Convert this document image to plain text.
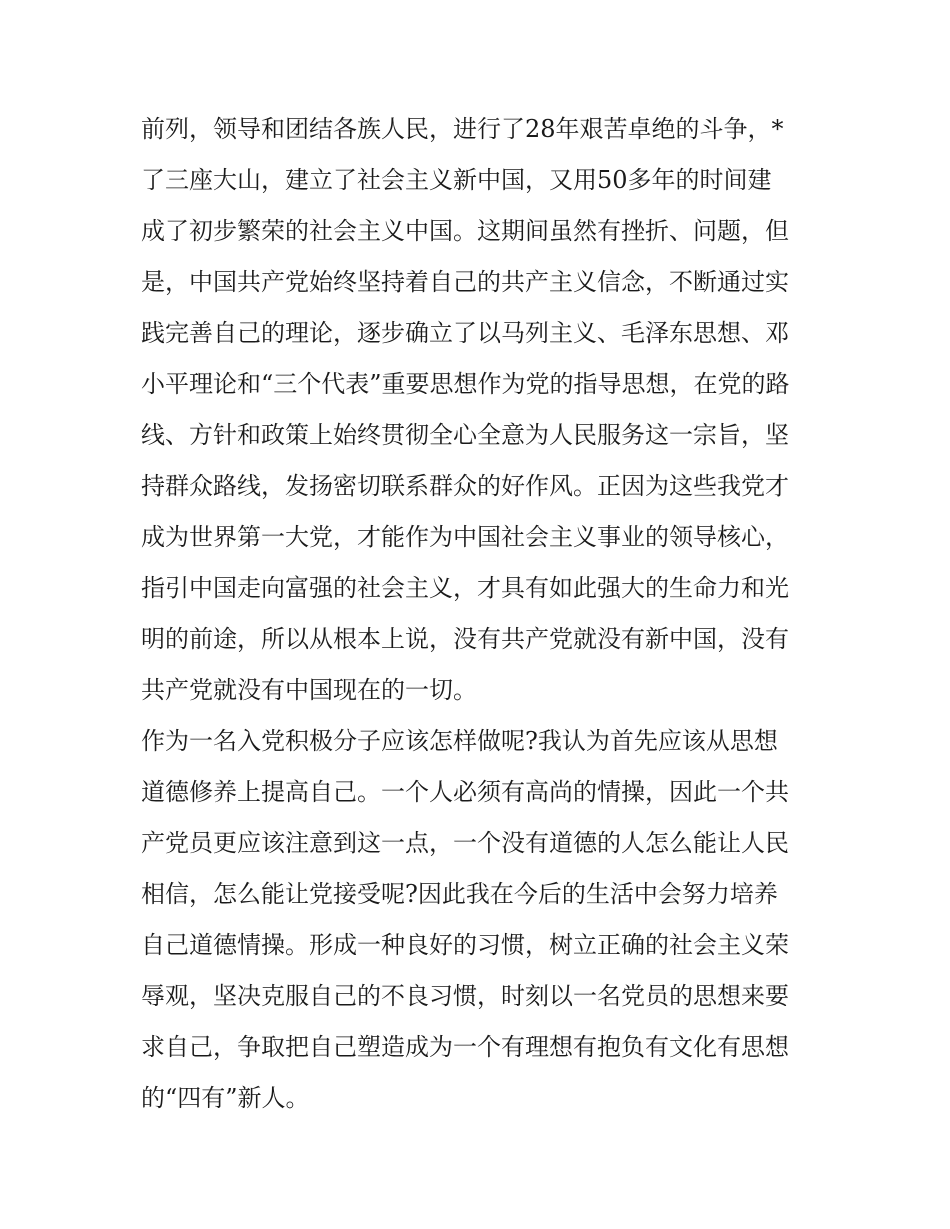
前列，领导和团结各族人民，进行了28年艰苦卓绝的斗争，*
了三座大山，建立了社会主义新中国，又用50多年的时间建
成了初步繁荣的社会主义中国。这期间虽然有挫折、问题，但
是，中国共产党始终坚持着自己的共产主义信念，不断通过实
践完善自己的理论，逐步确立了以马列主义、毛泽东思想、邓
小平理论和“三个代表”重要思想作为党的指导思想，在党的路
线、方针和政策上始终贯彻全心全意为人民服务这一宗旨，坚
持群众路线，发扬密切联系群众的好作风。正因为这些我党才
成为世界第一大党，才能作为中国社会主义事业的领导核心，
指引中国走向富强的社会主义，才具有如此强大的生命力和光
明的前途，所以从根本上说，没有共产党就没有新中国，没有
共产党就没有中国现在的一切。
作为一名入党积极分子应该怎样做呢?我认为首先应该从思想
道德修养上提高自己。一个人必须有高尚的情操，因此一个共
产党员更应该注意到这一点，一个没有道德的人怎么能让人民
相信，怎么能让党接受呢?因此我在今后的生活中会努力培养
自己道德情操。形成一种良好的习惯，树立正确的社会主义荣
辱观，坚决克服自己的不良习惯，时刻以一名党员的思想来要
求自己，争取把自己塑造成为一个有理想有抱负有文化有思想
的“四有”新人。
